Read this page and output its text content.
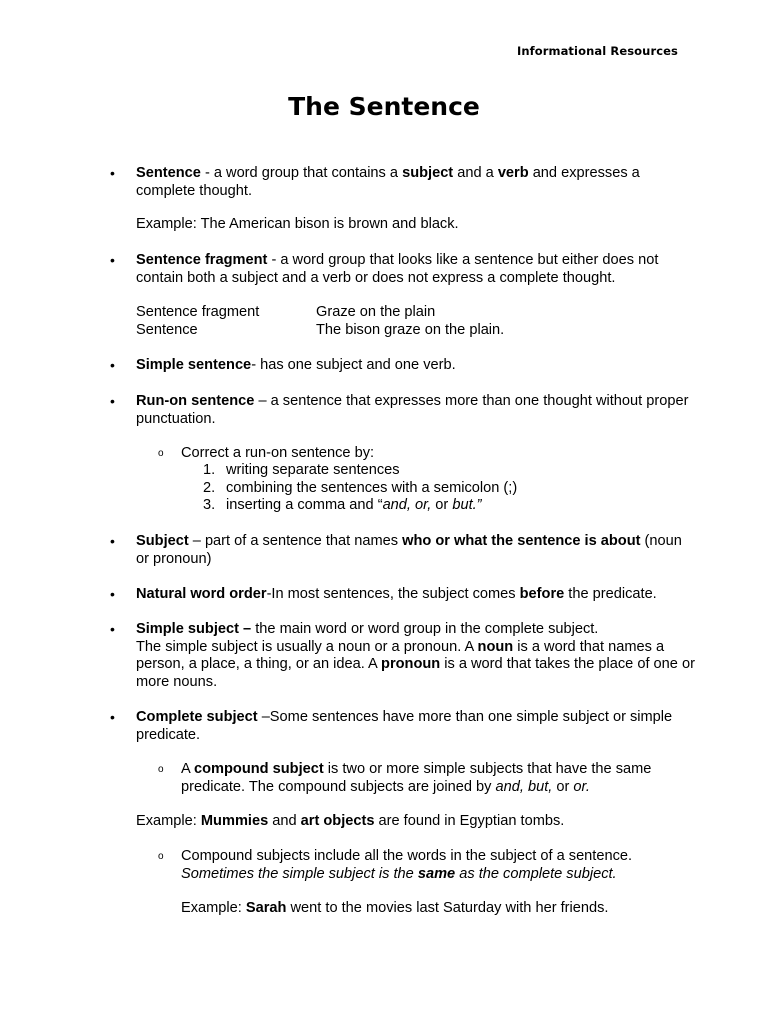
Informational Resources
The Sentence
• Sentence - a word group that contains a subject and a verb and expresses a complete thought.
Example: The American bison is brown and black.
• Sentence fragment - a word group that looks like a sentence but either does not contain both a subject and a verb or does not express a complete thought.
Sentence fragment	Graze on the plain
Sentence	The bison graze on the plain.
• Simple sentence- has one subject and one verb.
• Run-on sentence – a sentence that expresses more than one thought without proper punctuation.
o Correct a run-on sentence by:
1. writing separate sentences
2. combining the sentences with a semicolon (;)
3. inserting a comma and “and, or, or but.”
• Subject – part of a sentence that names who or what the sentence is about (noun or pronoun)
• Natural word order-In most sentences, the subject comes before the predicate.
• Simple subject – the main word or word group in the complete subject.
The simple subject is usually a noun or a pronoun. A noun is a word that names a person, a place, a thing, or an idea. A pronoun is a word that takes the place of one or more nouns.
• Complete subject –Some sentences have more than one simple subject or simple predicate.
o A compound subject is two or more simple subjects that have the same predicate. The compound subjects are joined by and, but, or or.
Example: Mummies and art objects are found in Egyptian tombs.
o Compound subjects include all the words in the subject of a sentence.
Sometimes the simple subject is the same as the complete subject.
Example: Sarah went to the movies last Saturday with her friends.
